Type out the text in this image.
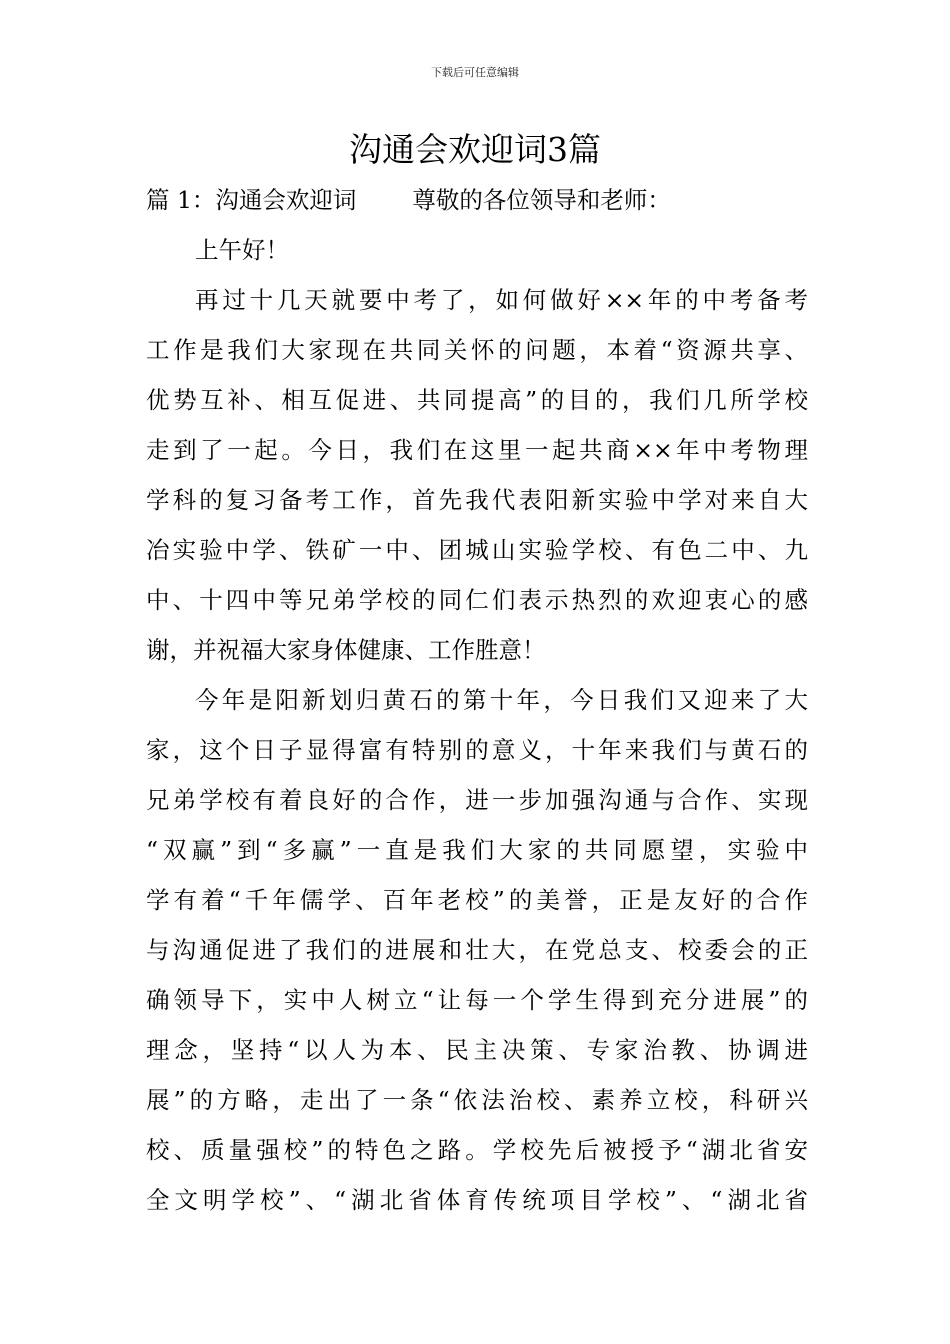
下载后可任意编辑
沟通会欢迎词3篇
篇 1：沟通会欢迎词 尊敬的各位领导和老师：
上午好！
再过十几天就要中考了，如何做好××年的中考备考
工作是我们大家现在共同关怀的问题，本着“资源共享、
优势互补、相互促进、共同提高”的目的，我们几所学校
走到了一起。今日，我们在这里一起共商××年中考物理
学科的复习备考工作，首先我代表阳新实验中学对来自大
冶实验中学、铁矿一中、团城山实验学校、有色二中、九
中、十四中等兄弟学校的同仁们表示热烈的欢迎衷心的感
谢，并祝福大家身体健康、工作胜意！
今年是阳新划归黄石的第十年，今日我们又迎来了大
家，这个日子显得富有特别的意义，十年来我们与黄石的
兄弟学校有着良好的合作，进一步加强沟通与合作、实现
“双赢”到“多赢”一直是我们大家的共同愿望，实验中
学有着“千年儒学、百年老校”的美誉，正是友好的合作
与沟通促进了我们的进展和壮大，在党总支、校委会的正
确领导下，实中人树立“让每一个学生得到充分进展”的
理念，坚持“以人为本、民主决策、专家治教、协调进
展”的方略，走出了一条“依法治校、素养立校，科研兴
校、质量强校”的特色之路。学校先后被授予“湖北省安
全文明学校”、“湖北省体育传统项目学校”、“湖北省
